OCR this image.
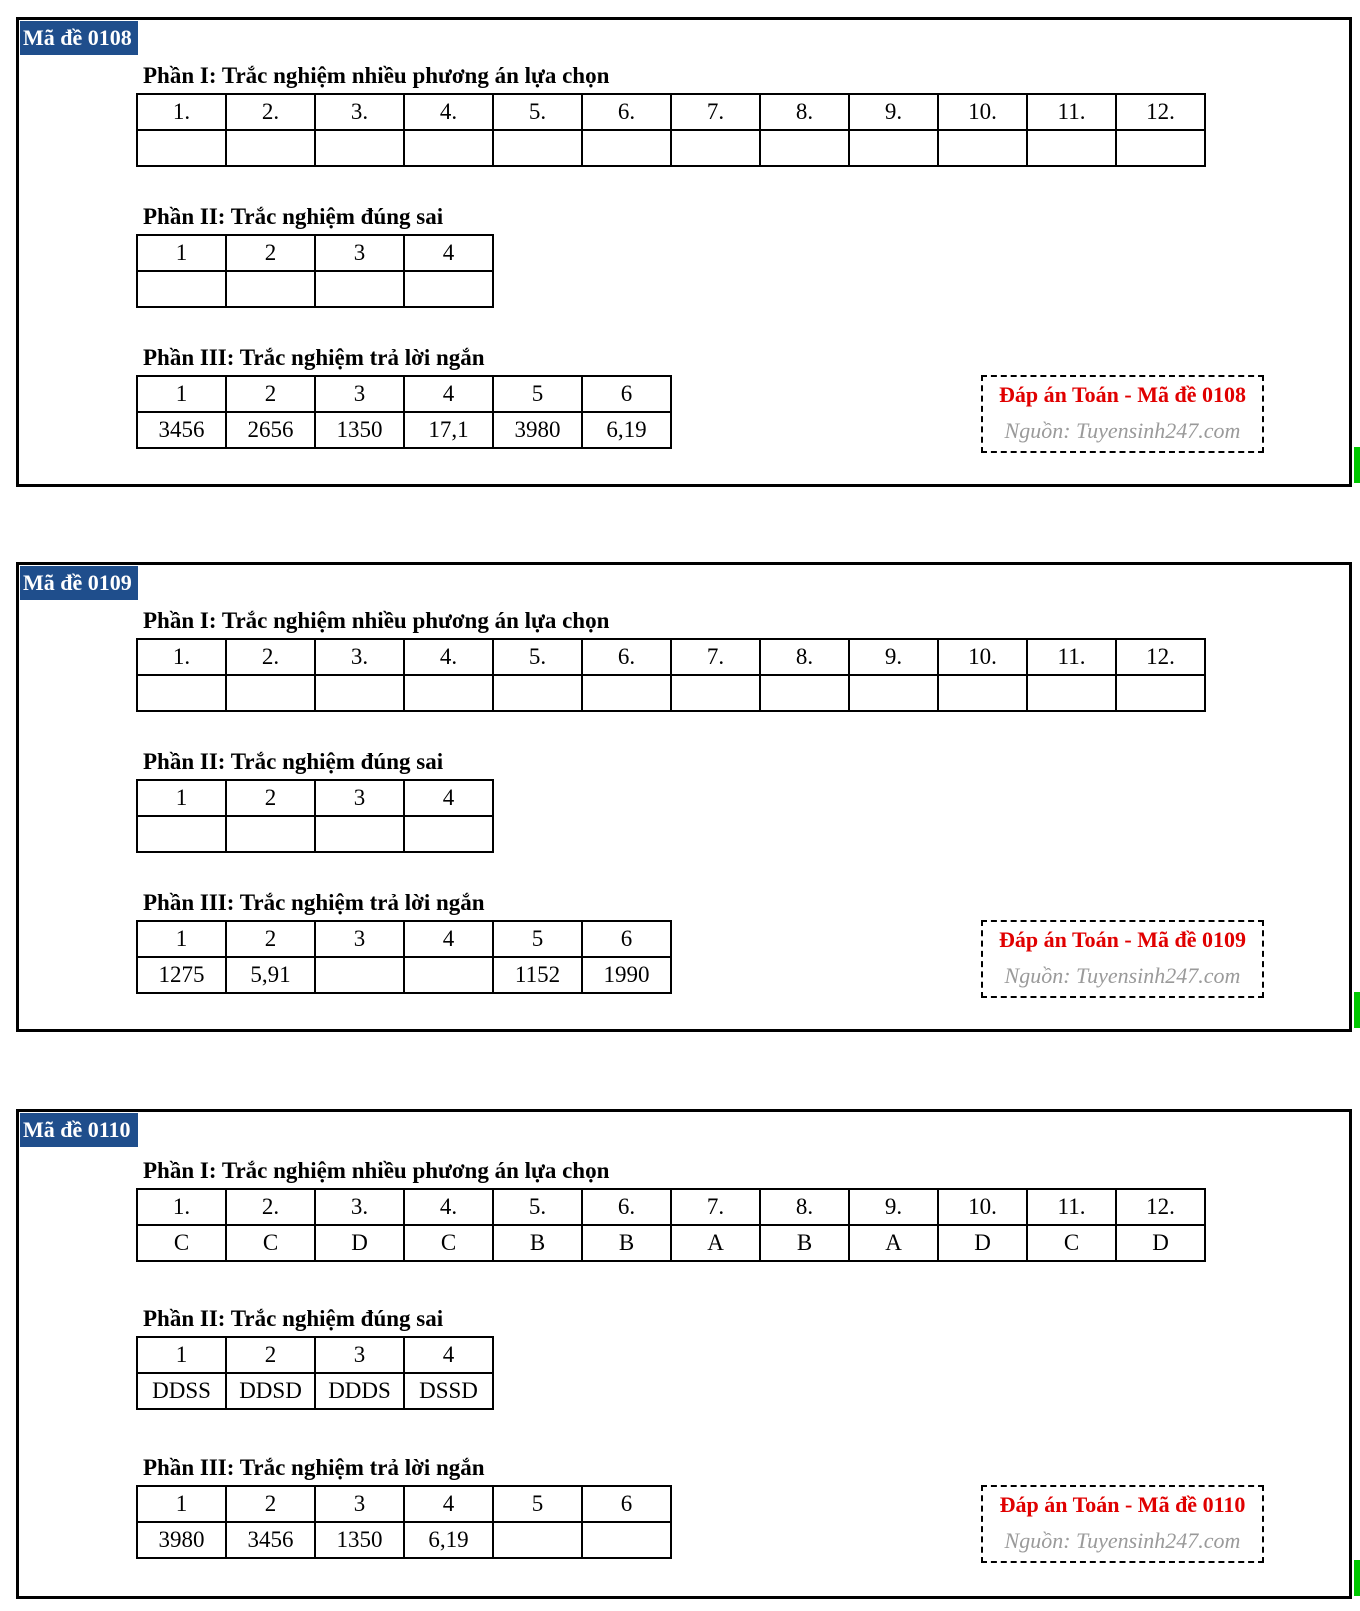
Mã đề 0108
Phần I: Trắc nghiệm nhiều phương án lựa chọn
1.	2.	3.	4.	5.	6.	7.	8.	9.	10.	11.	12.

Phần II: Trắc nghiệm đúng sai
1	2	3	4

Phần III: Trắc nghiệm trả lời ngắn
1	2	3	4	5	6
3456	2656	1350	17,1	3980	6,19
Đáp án Toán - Mã đề 0108
Nguồn: Tuyensinh247.com
Mã đề 0109
Phần I: Trắc nghiệm nhiều phương án lựa chọn
1.	2.	3.	4.	5.	6.	7.	8.	9.	10.	11.	12.

Phần II: Trắc nghiệm đúng sai
1	2	3	4

Phần III: Trắc nghiệm trả lời ngắn
1	2	3	4	5	6
1275	5,91			1152	1990
Đáp án Toán - Mã đề 0109
Nguồn: Tuyensinh247.com
Mã đề 0110
Phần I: Trắc nghiệm nhiều phương án lựa chọn
1.	2.	3.	4.	5.	6.	7.	8.	9.	10.	11.	12.
C	C	D	C	B	B	A	B	A	D	C	D
Phần II: Trắc nghiệm đúng sai
1	2	3	4
DDSS	DDSD	DDDS	DSSD
Phần III: Trắc nghiệm trả lời ngắn
1	2	3	4	5	6
3980	3456	1350	6,19		
Đáp án Toán - Mã đề 0110
Nguồn: Tuyensinh247.com
